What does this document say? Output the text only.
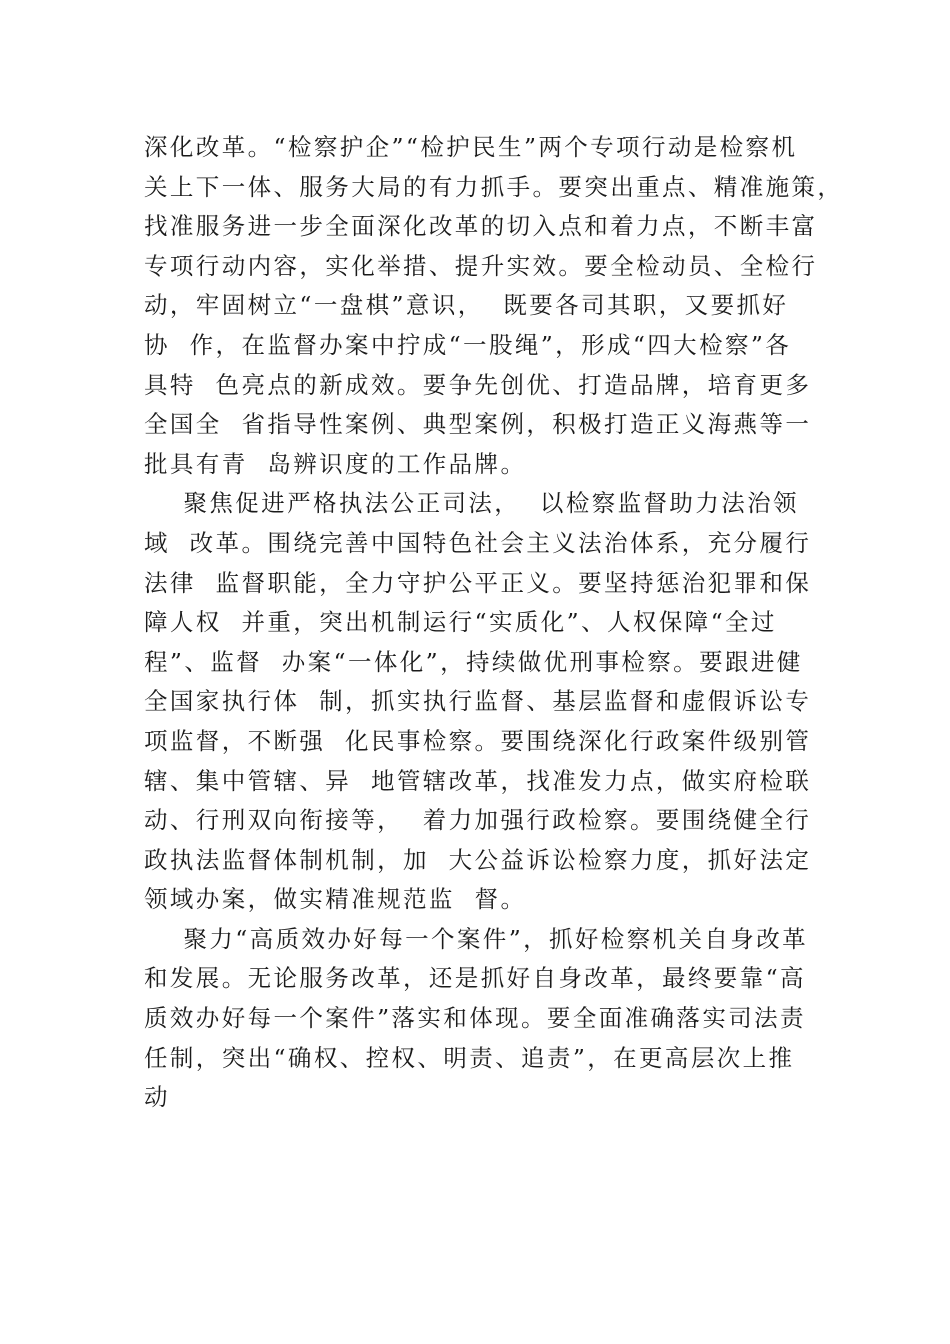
深化改革。“检察护企”“检护民生”两个专项行动是检察机
关上下一体、服务大局的有力抓手。要突出重点、精准施策，
找准服务进一步全面深化改革的切入点和着力点，不断丰富
专项行动内容，实化举措、提升实效。要全检动员、全检行
动，牢固树立“一盘棋”意识，  既要各司其职，又要抓好
协  作，在监督办案中拧成“一股绳”，形成“四大检察”各
具特  色亮点的新成效。要争先创优、打造品牌，培育更多
全国全  省指导性案例、典型案例，积极打造正义海燕等一
批具有青  岛辨识度的工作品牌。
聚焦促进严格执法公正司法，  以检察监督助力法治领
域  改革。围绕完善中国特色社会主义法治体系，充分履行
法律  监督职能，全力守护公平正义。要坚持惩治犯罪和保
障人权  并重，突出机制运行“实质化”、人权保障“全过
程”、监督  办案“一体化”，持续做优刑事检察。要跟进健
全国家执行体  制，抓实执行监督、基层监督和虚假诉讼专
项监督，不断强  化民事检察。要围绕深化行政案件级别管
辖、集中管辖、异  地管辖改革，找准发力点，做实府检联
动、行刑双向衔接等，  着力加强行政检察。要围绕健全行
政执法监督体制机制，加  大公益诉讼检察力度，抓好法定
领域办案，做实精准规范监  督。
聚力“高质效办好每一个案件”，抓好检察机关自身改革
和发展。无论服务改革，还是抓好自身改革，最终要靠“高
质效办好每一个案件”落实和体现。要全面准确落实司法责
任制，突出“确权、控权、明责、追责”，在更高层次上推
动
